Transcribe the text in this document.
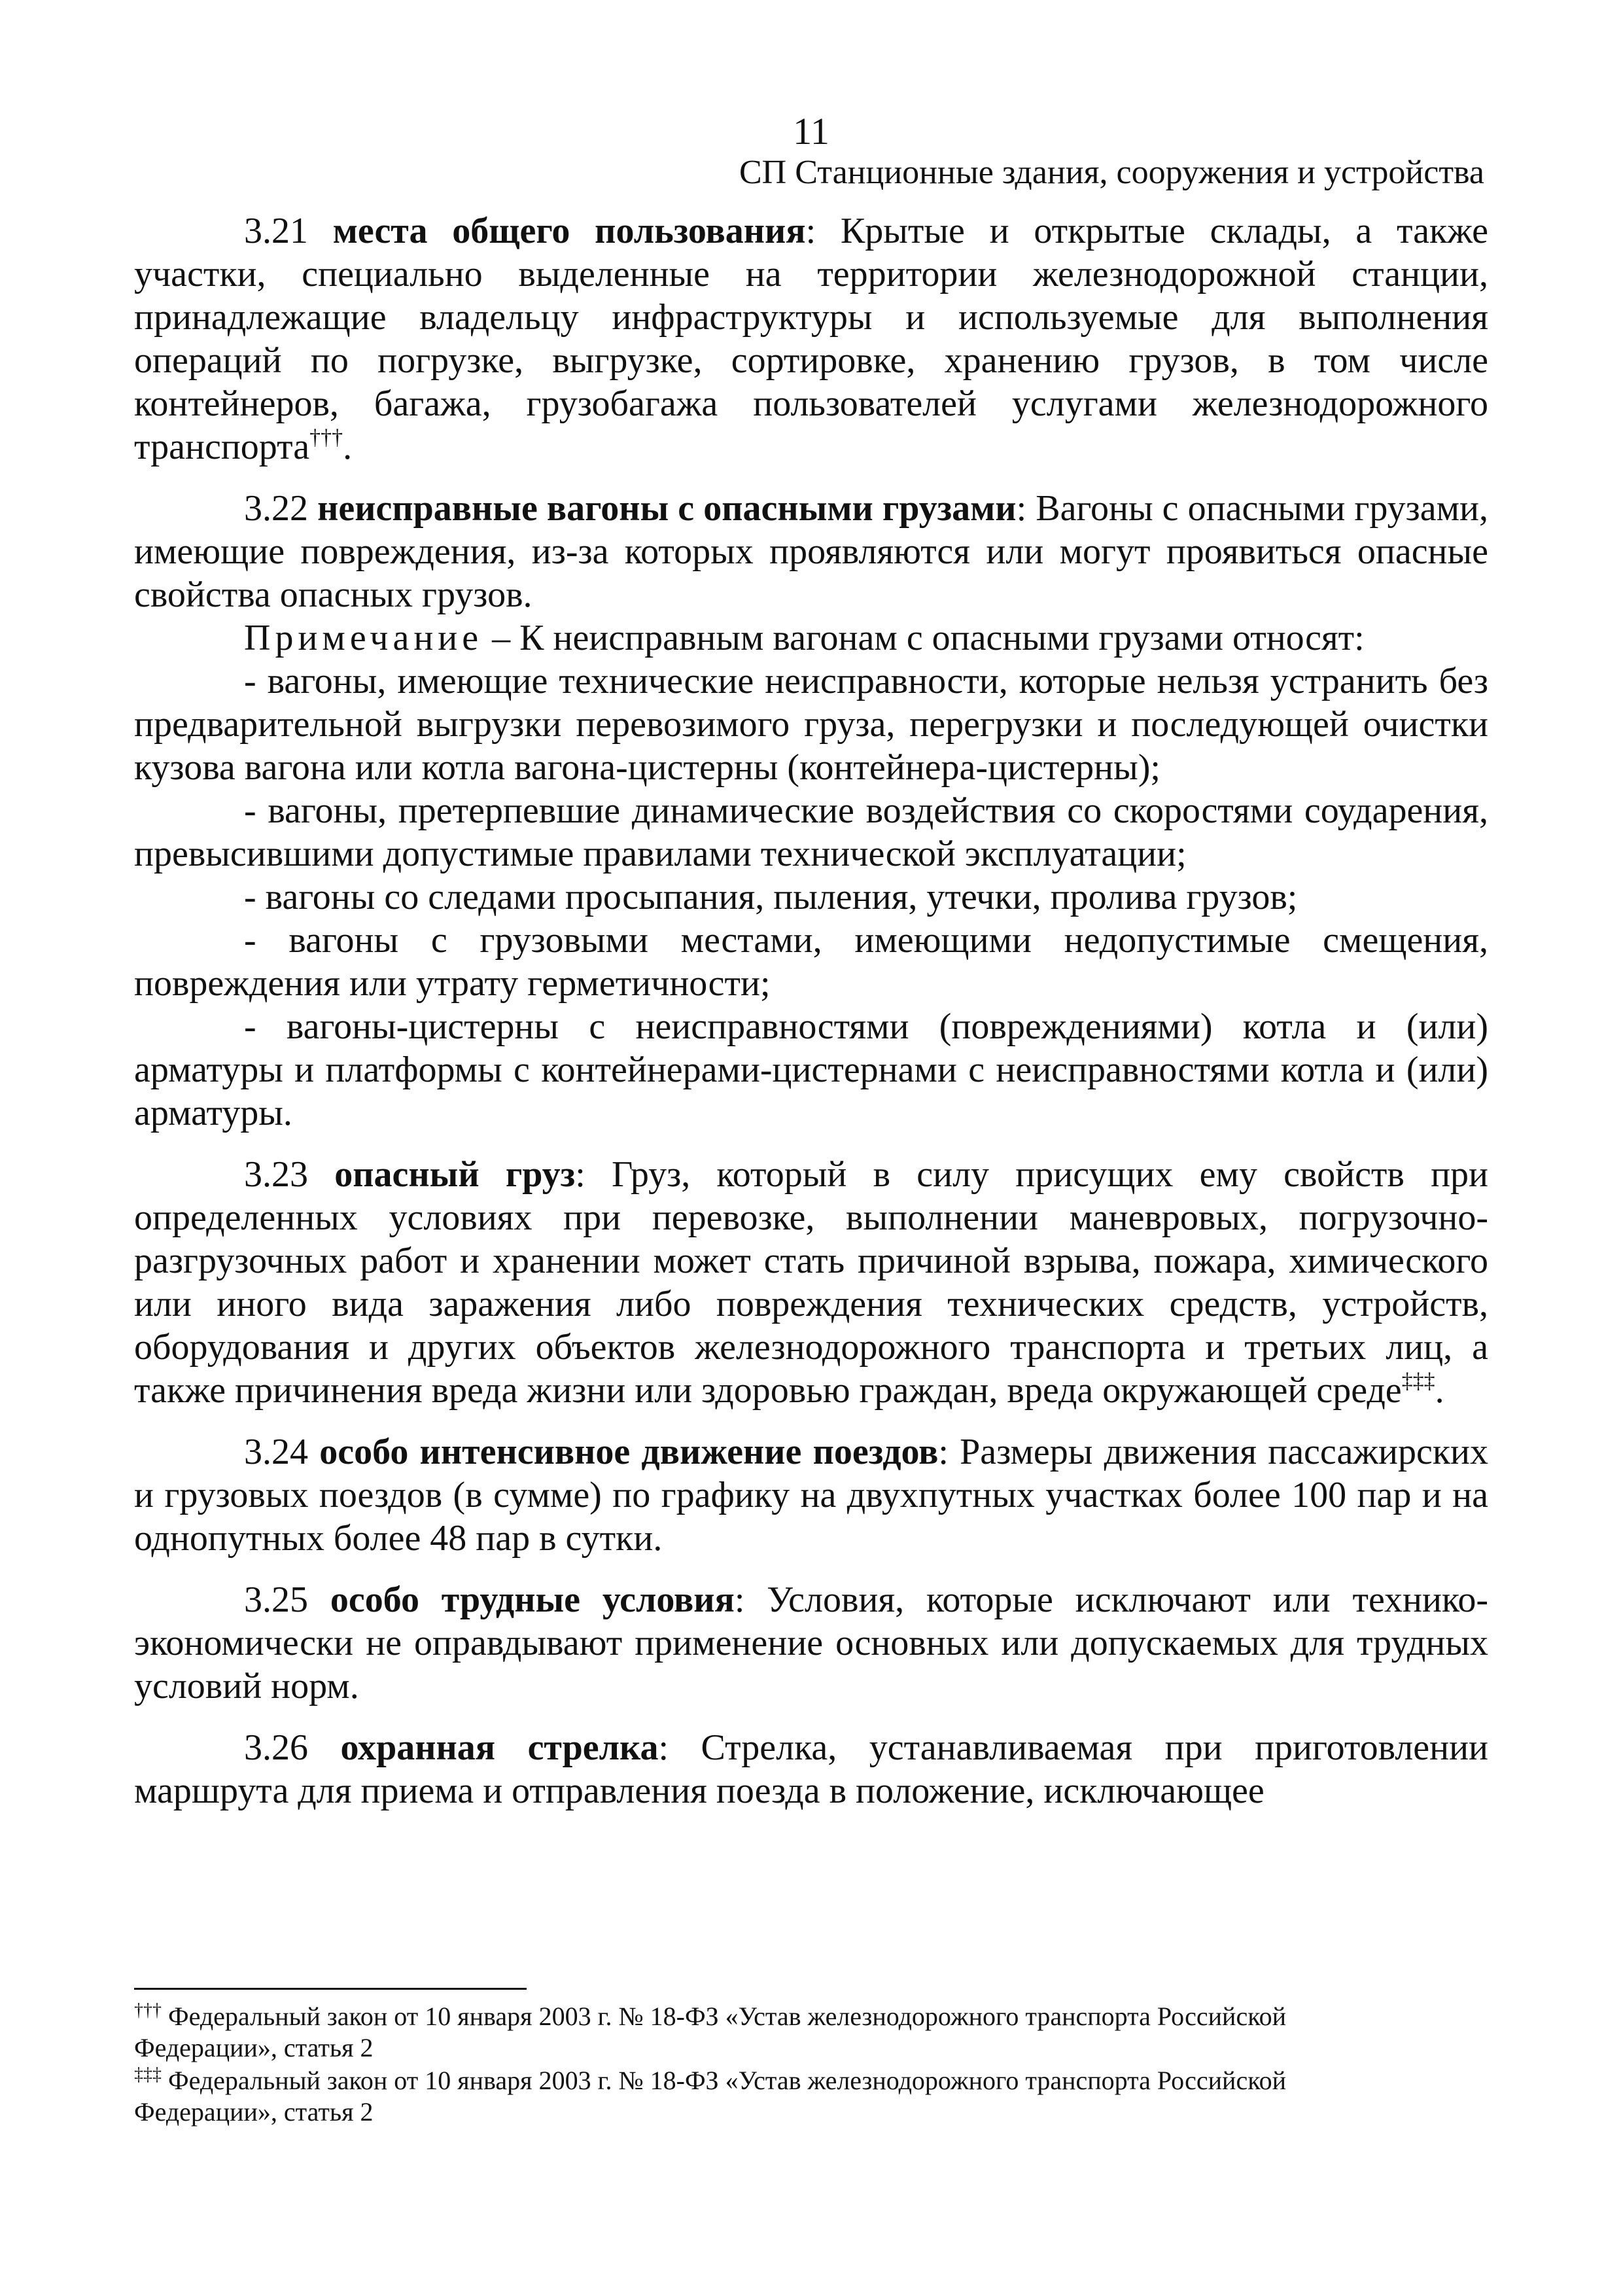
11
СП Станционные здания, сооружения и устройства

3.21 места общего пользования: Крытые и открытые склады, а также участки, специально выделенные на территории железнодорожной станции, принадлежащие владельцу инфраструктуры и используемые для выполнения операций по погрузке, выгрузке, сортировке, хранению грузов, в том числе контейнеров, багажа, грузобагажа пользователей услугами железнодорожного транспорта†††.

3.22 неисправные вагоны с опасными грузами: Вагоны с опасными грузами, имеющие повреждения, из-за которых проявляются или могут проявиться опасные свойства опасных грузов.

Примечание – К неисправным вагонам с опасными грузами относят:

- вагоны, имеющие технические неисправности, которые нельзя устранить без предварительной выгрузки перевозимого груза, перегрузки и последующей очистки кузова вагона или котла вагона-цистерны (контейнера-цистерны);

- вагоны, претерпевшие динамические воздействия со скоростями соударения, превысившими допустимые правилами технической эксплуатации;

- вагоны со следами просыпания, пыления, утечки, пролива грузов;

- вагоны с грузовыми местами, имеющими недопустимые смещения, повреждения или утрату герметичности;

- вагоны-цистерны с неисправностями (повреждениями) котла и (или) арматуры и платформы с контейнерами-цистернами с неисправностями котла и (или) арматуры.

3.23 опасный груз: Груз, который в силу присущих ему свойств при определенных условиях при перевозке, выполнении маневровых, погрузочно-разгрузочных работ и хранении может стать причиной взрыва, пожара, химического или иного вида заражения либо повреждения технических средств, устройств, оборудования и других объектов железнодорожного транспорта и третьих лиц, а также причинения вреда жизни или здоровью граждан, вреда окружающей среде‡‡‡.

3.24 особо интенсивное движение поездов: Размеры движения пассажирских и грузовых поездов (в сумме) по графику на двухпутных участках более 100 пар и на однопутных более 48 пар в сутки.

3.25 особо трудные условия: Условия, которые исключают или технико-экономически не оправдывают применение основных или допускаемых для трудных условий норм.

3.26 охранная стрелка: Стрелка, устанавливаемая при приготовлении маршрута для приема и отправления поезда в положение, исключающее

††† Федеральный закон от 10 января 2003 г. № 18-ФЗ «Устав железнодорожного транспорта Российской Федерации», статья 2

‡‡‡ Федеральный закон от 10 января 2003 г. № 18-ФЗ «Устав железнодорожного транспорта Российской Федерации», статья 2
